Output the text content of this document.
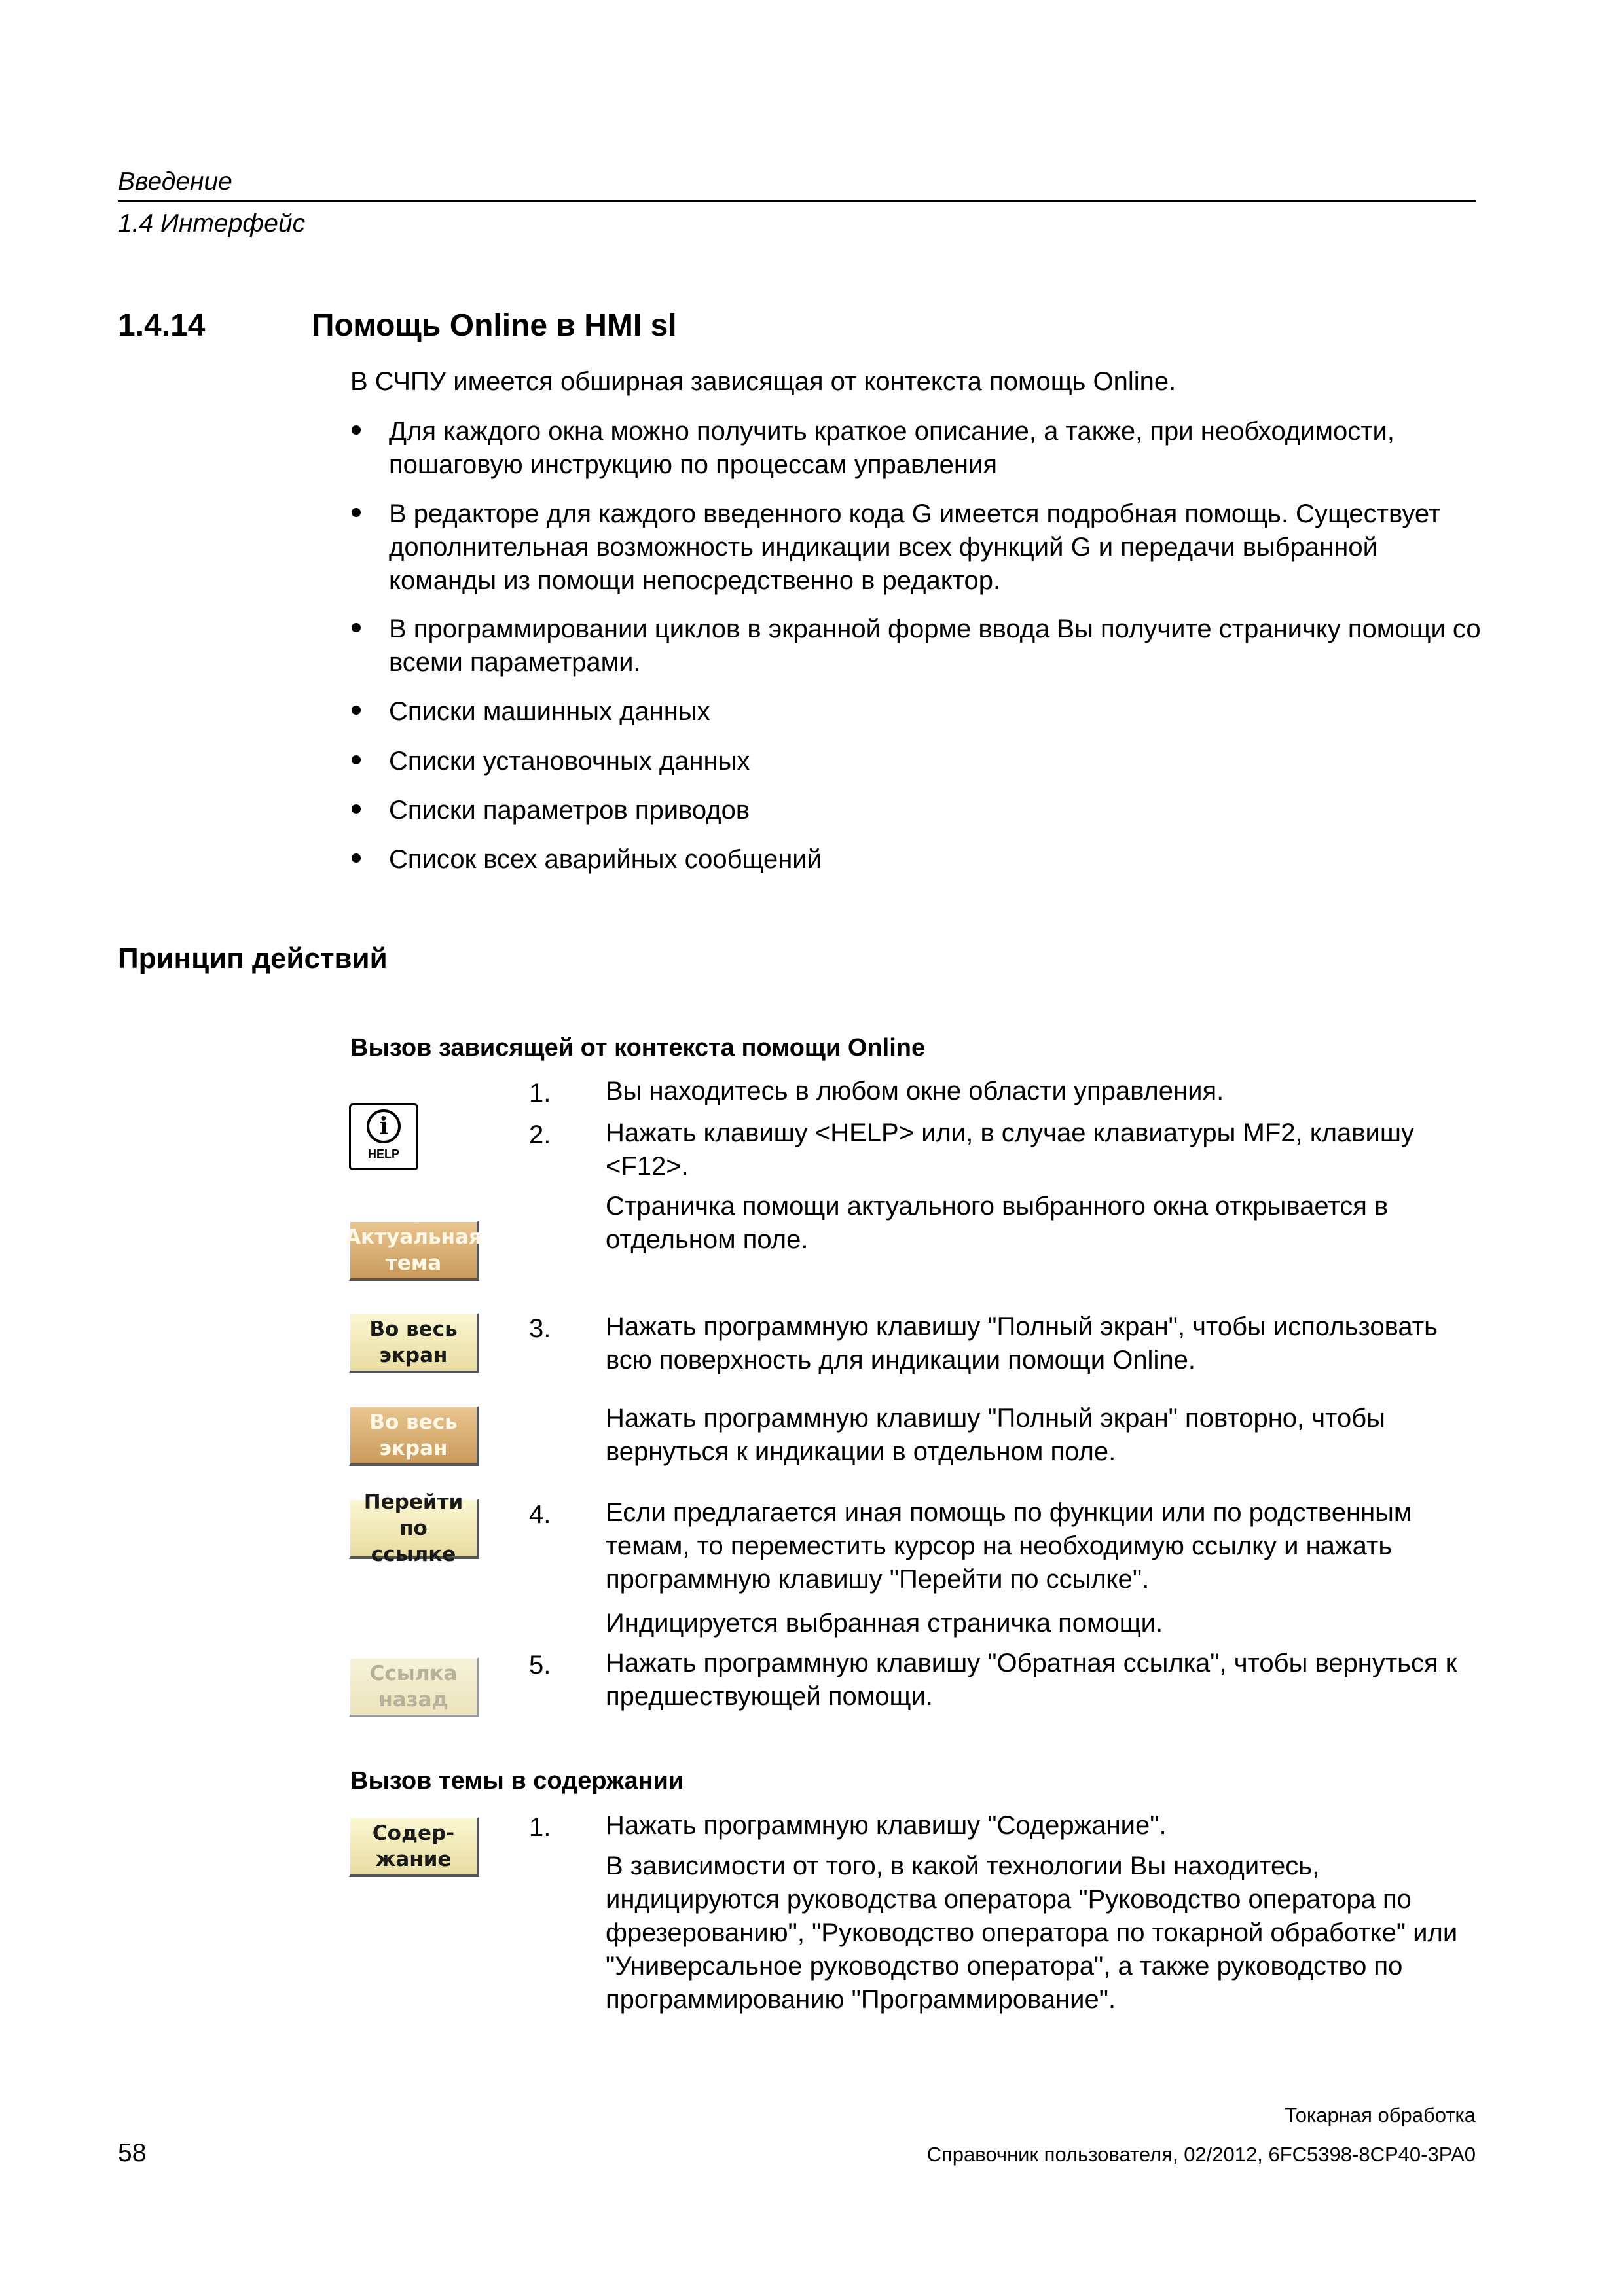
Введение
1.4 Интерфейс
1.4.14	Помощь Online в HMI sl
В СЧПУ имеется обширная зависящая от контекста помощь Online.
Для каждого окна можно получить краткое описание, а также, при необходимости, пошаговую инструкцию по процессам управления
В редакторе для каждого введенного кода G имеется подробная помощь. Существует дополнительная возможность индикации всех функций G и передачи выбранной команды из помощи непосредственно в редактор.
В программировании циклов в экранной форме ввода Вы получите страничку помощи со всеми параметрами.
Списки машинных данных
Списки установочных данных
Списки параметров приводов
Список всех аварийных сообщений
Принцип действий
Вызов зависящей от контекста помощи Online
i
HELP
Актуальная
тема
Во весь
экран
Во весь
экран
Перейти по
ссылке
Ссылка
назад
Содер-
жание
1. Вы находитесь в любом окне области управления.
2. Нажать клавишу <HELP> или, в случае клавиатуры MF2, клавишу <F12>.
Страничка помощи актуального выбранного окна открывается в отдельном поле.
3. Нажать программную клавишу "Полный экран", чтобы использовать всю поверхность для индикации помощи Online.
Нажать программную клавишу "Полный экран" повторно, чтобы вернуться к индикации в отдельном поле.
4. Если предлагается иная помощь по функции или по родственным темам, то переместить курсор на необходимую ссылку и нажать программную клавишу "Перейти по ссылке".
Индицируется выбранная страничка помощи.
5. Нажать программную клавишу "Обратная ссылка", чтобы вернуться к предшествующей помощи.
Вызов темы в содержании
1. Нажать программную клавишу "Содержание".
В зависимости от того, в какой технологии Вы находитесь, индицируются руководства оператора "Руководство оператора по фрезерованию", "Руководство оператора по токарной обработке" или "Универсальное руководство оператора", а также руководство по программированию "Программирование".
Токарная обработка
58	Справочник пользователя, 02/2012, 6FC5398-8CP40-3PA0
